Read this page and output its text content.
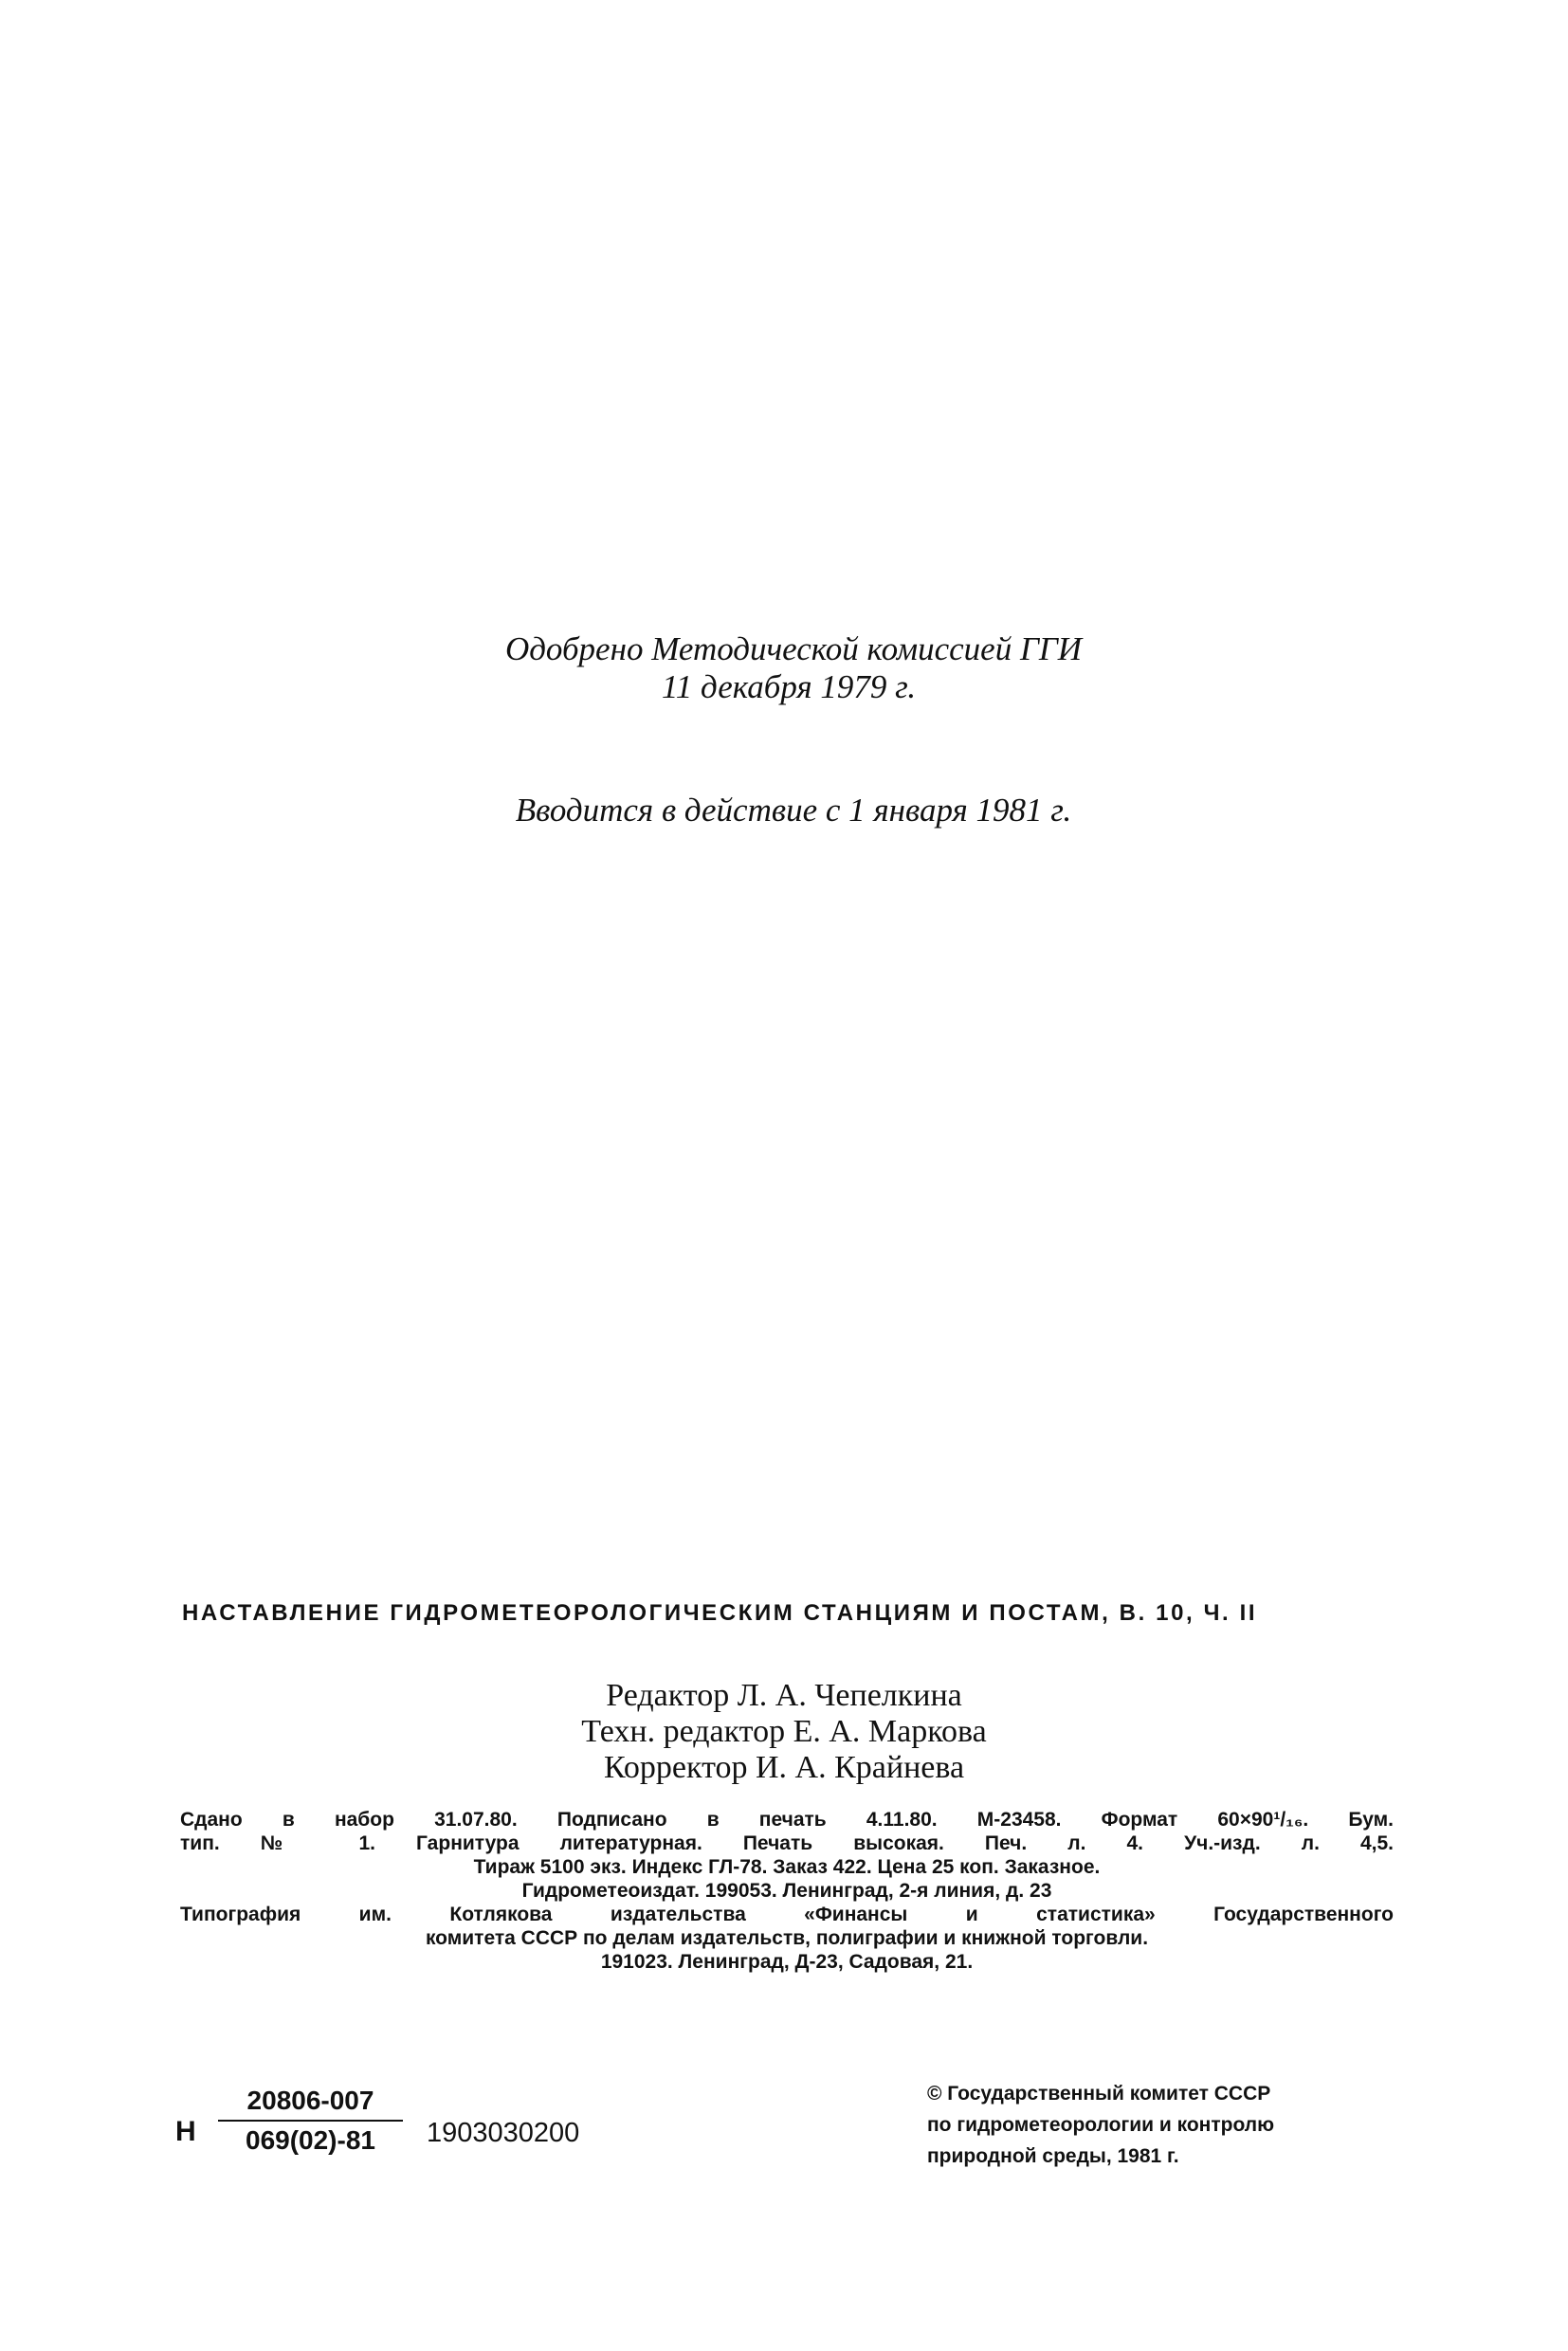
Одобрено Методической комиссией ГГИ
11 декабря 1979 г.
Вводится в действие с 1 января 1981 г.
НАСТАВЛЕНИЕ ГИДРОМЕТЕОРОЛОГИЧЕСКИМ СТАНЦИЯМ И ПОСТАМ, В. 10, Ч. II
Редактор Л. А. Чепелкина
Техн. редактор Е. А. Маркова
Корректор И. А. Крайнева
Сдано в набор 31.07.80. Подписано в печать 4.11.80. М-23458. Формат 60×90¹/₁₆. Бум.
тип. № 1. Гарнитура литературная. Печать высокая. Печ. л. 4. Уч.-изд. л. 4,5.
Тираж 5100 экз. Индекс ГЛ-78. Заказ 422. Цена 25 коп. Заказное.
Гидрометеоиздат. 199053. Ленинград, 2-я линия, д. 23
Типография им. Котлякова издательства «Финансы и статистика» Государственного
комитета СССР по делам издательств, полиграфии и книжной торговли.
191023. Ленинград, Д-23, Садовая, 21.
Н $\frac{20806-007}{069(02)-81} 1903030200$
© Государственный комитет СССР
по гидрометеорологии и контролю
природной среды, 1981 г.
